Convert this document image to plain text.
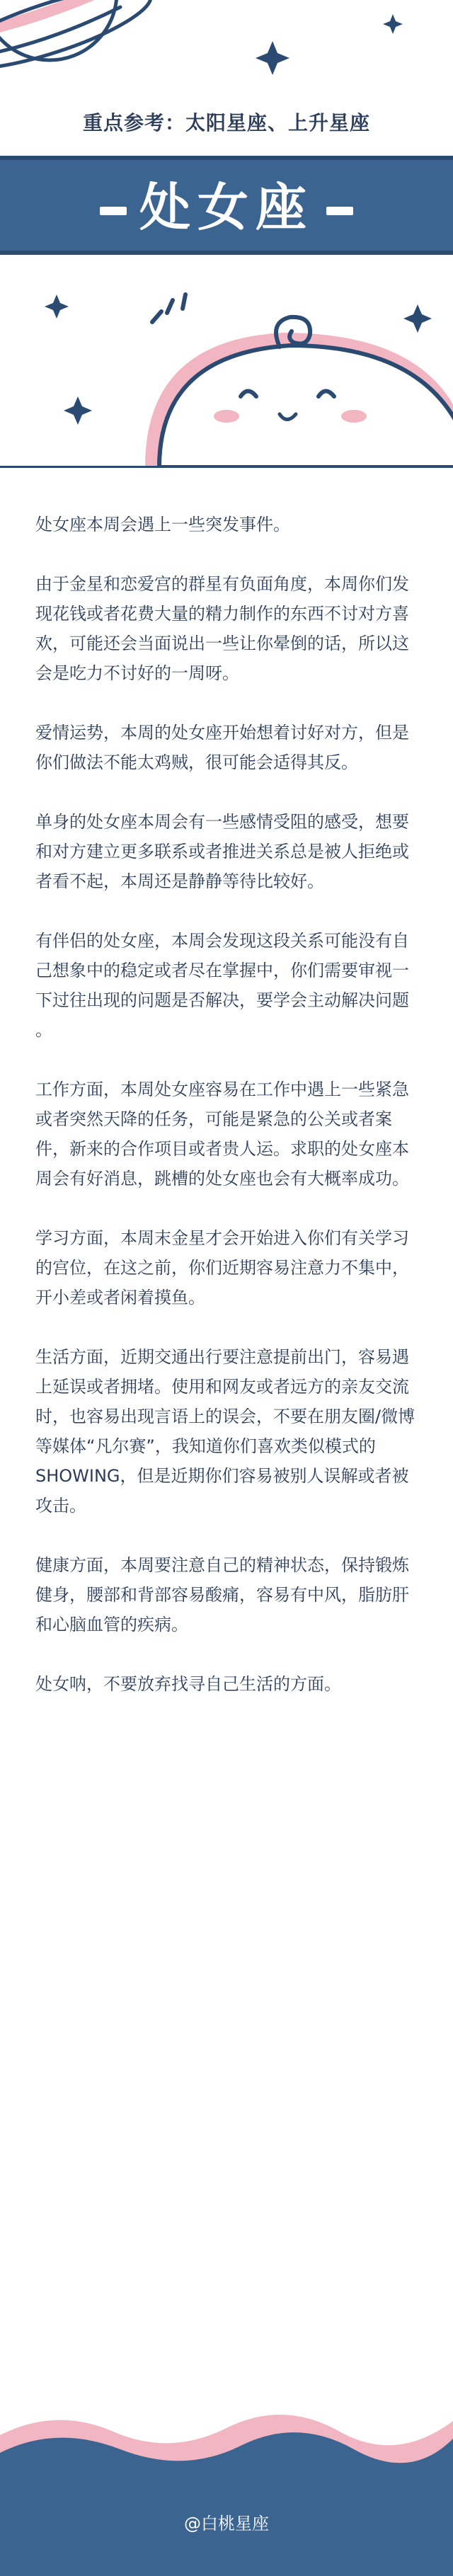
重点参考：太阳星座、上升星座
处女座

处女座本周会遇上一些突发事件。

由于金星和恋爱宫的群星有负面角度，本周你们发现花钱或者花费大量的精力制作的东西不讨对方喜欢，可能还会当面说出一些让你晕倒的话，所以这会是吃力不讨好的一周呀。

爱情运势，本周的处女座开始想着讨好对方，但是你们做法不能太鸡贼，很可能会适得其反。

单身的处女座本周会有一些感情受阻的感受，想要和对方建立更多联系或者推进关系总是被人拒绝或者看不起，本周还是静静等待比较好。

有伴侣的处女座，本周会发现这段关系可能没有自己想象中的稳定或者尽在掌握中，你们需要审视一下过往出现的问题是否解决，要学会主动解决问题 。

工作方面，本周处女座容易在工作中遇上一些紧急或者突然天降的任务，可能是紧急的公关或者案件，新来的合作项目或者贵人运。求职的处女座本周会有好消息，跳槽的处女座也会有大概率成功。

学习方面，本周末金星才会开始进入你们有关学习的宫位，在这之前，你们近期容易注意力不集中，开小差或者闲着摸鱼。

生活方面，近期交通出行要注意提前出门，容易遇上延误或者拥堵。使用和网友或者远方的亲友交流时，也容易出现言语上的误会，不要在朋友圈/微博等媒体“凡尔赛”，我知道你们喜欢类似模式的SHOWING，但是近期你们容易被别人误解或者被攻击。

健康方面，本周要注意自己的精神状态，保持锻炼健身，腰部和背部容易酸痛，容易有中风，脂肪肝和心脑血管的疾病。

处女呐，不要放弃找寻自己生活的方面。

@白桃星座
